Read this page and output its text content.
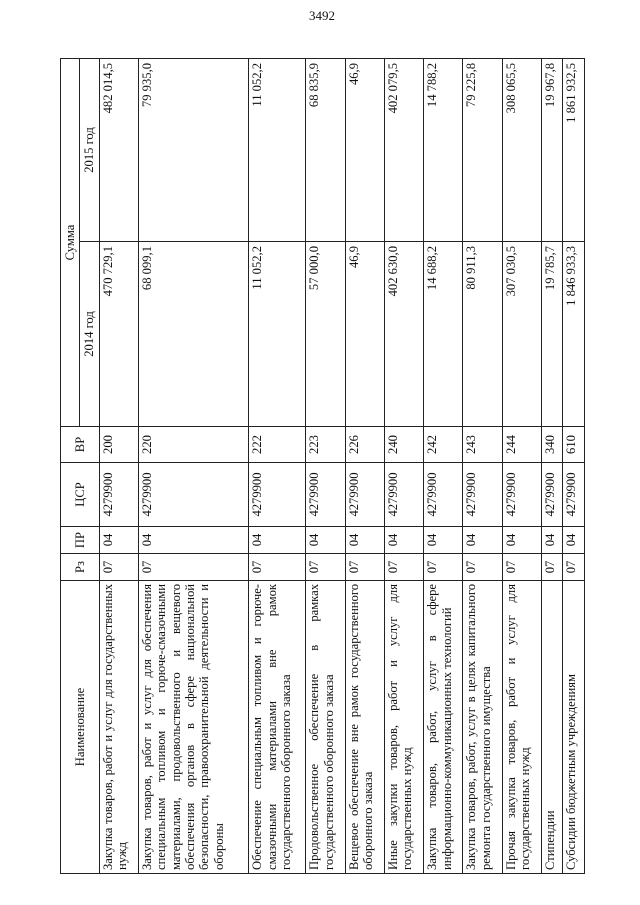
3492
Наименование	Рз	ПР	ЦСР	ВР	Сумма	
					2014 год	2015 год
Закупка товаров, работ и услуг для государственных нужд	07	04	4279900	200	470 729,1	482 014,5
Закупка товаров, работ и услуг для обеспечения специальным топливом и горюче-смазочными материалами, продовольственного и вещевого обеспечения органов в сфере национальной безопасности, правоохранительной деятельности и обороны	07	04	4279900	220	68 099,1	79 935,0
Обеспечение специальным топливом и горюче-смазочными материалами вне рамок государственного оборонного заказа	07	04	4279900	222	11 052,2	11 052,2
Продовольственное обеспечение в рамках государственного оборонного заказа	07	04	4279900	223	57 000,0	68 835,9
Вещевое обеспечение вне рамок государственного оборонного заказа	07	04	4279900	226	46,9	46,9
Иные закупки товаров, работ и услуг для государственных нужд	07	04	4279900	240	402 630,0	402 079,5
Закупка товаров, работ, услуг в сфере информационно-коммуникационных технологий	07	04	4279900	242	14 688,2	14 788,2
Закупка товаров, работ, услуг в целях капитального ремонта государственного имущества	07	04	4279900	243	80 911,3	79 225,8
Прочая закупка товаров, работ и услуг для государственных нужд	07	04	4279900	244	307 030,5	308 065,5
Стипендии	07	04	4279900	340	19 785,7	19 967,8
Субсидии бюджетным учреждениям	07	04	4279900	610	1 846 933,3	1 861 932,5
